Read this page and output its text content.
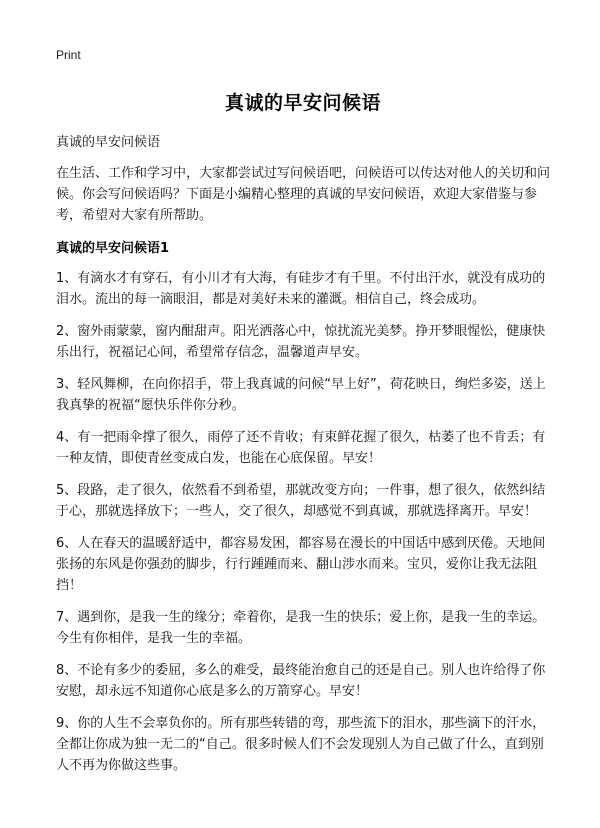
Print
真诚的早安问候语

真诚的早安问候语

在生活、工作和学习中，大家都尝试过写问候语吧，问候语可以传达对他人的关切和问候。你会写问候语吗？下面是小编精心整理的真诚的早安问候语，欢迎大家借鉴与参考，希望对大家有所帮助。

真诚的早安问候语1
1、有滴水才有穿石，有小川才有大海，有硅步才有千里。不付出汗水，就没有成功的泪水。流出的每一滴眼泪，都是对美好未来的灌溉。相信自己，终会成功。
2、窗外雨蒙蒙，窗内酣甜声。阳光洒落心中，惊扰流光美梦。挣开梦眼惺忪，健康快乐出行，祝福记心间，希望常存信念，温馨道声早安。
3、轻风舞柳，在向你招手，带上我真诚的问候“早上好”，荷花映日，绚烂多姿，送上我真挚的祝福“愿快乐伴你分秒。
4、有一把雨伞撑了很久，雨停了还不肯收；有束鲜花握了很久，枯萎了也不肯丢；有一种友情，即使青丝变成白发，也能在心底保留。早安！
5、段路，走了很久，依然看不到希望，那就改变方向；一件事，想了很久，依然纠结于心，那就选择放下；一些人，交了很久，却感觉不到真诚，那就选择离开。早安！
6、人在春天的温暖舒适中，都容易发困，都容易在漫长的中国话中感到厌倦。天地间张扬的东风是你强劲的脚步，行行踵踵而来、翻山涉水而来。宝贝，爱你让我无法阻挡！
7、遇到你，是我一生的缘分；牵着你，是我一生的快乐；爱上你，是我一生的幸运。今生有你相伴，是我一生的幸福。
8、不论有多少的委屈，多么的难受，最终能治愈自己的还是自己。别人也许给得了你安慰，却永远不知道你心底是多么的万箭穿心。早安！
9、你的人生不会辜负你的。所有那些转错的弯，那些流下的泪水，那些滴下的汗水，全都让你成为独一无二的“自己。很多时候人们不会发现别人为自己做了什么，直到别人不再为你做这些事。
